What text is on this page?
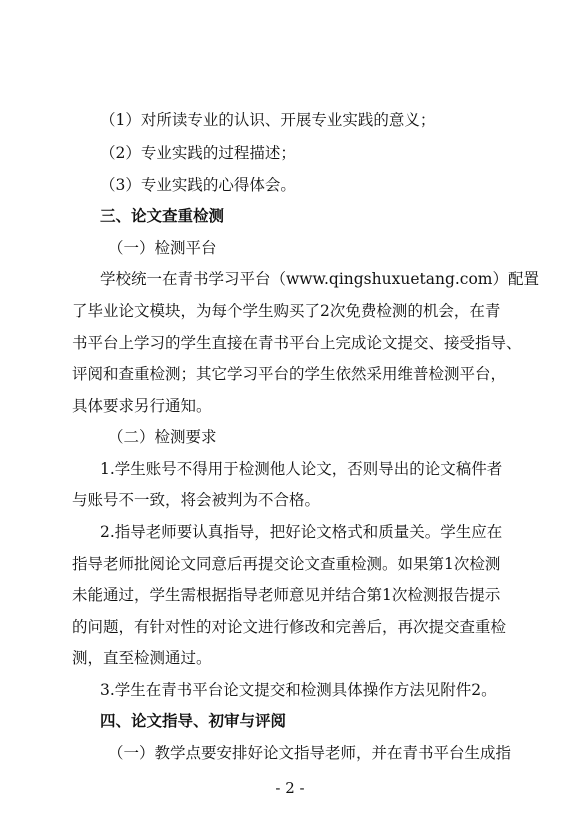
（1）对所读专业的认识、开展专业实践的意义；
（2）专业实践的过程描述；
（3）专业实践的心得体会。
三、论文查重检测
（一）检测平台
学校统一在青书学习平台（www.qingshuxuetang.com）配置
了毕业论文模块，为每个学生购买了2次免费检测的机会，在青
书平台上学习的学生直接在青书平台上完成论文提交、接受指导、
评阅和查重检测；其它学习平台的学生依然采用维普检测平台，
具体要求另行通知。
（二）检测要求
1.学生账号不得用于检测他人论文，否则导出的论文稿件者
与账号不一致，将会被判为不合格。
2.指导老师要认真指导，把好论文格式和质量关。学生应在
指导老师批阅论文同意后再提交论文查重检测。如果第1次检测
未能通过，学生需根据指导老师意见并结合第1次检测报告提示
的问题，有针对性的对论文进行修改和完善后，再次提交查重检
测，直至检测通过。
3.学生在青书平台论文提交和检测具体操作方法见附件2。
四、论文指导、初审与评阅
（一）教学点要安排好论文指导老师，并在青书平台生成指
- 2 -
